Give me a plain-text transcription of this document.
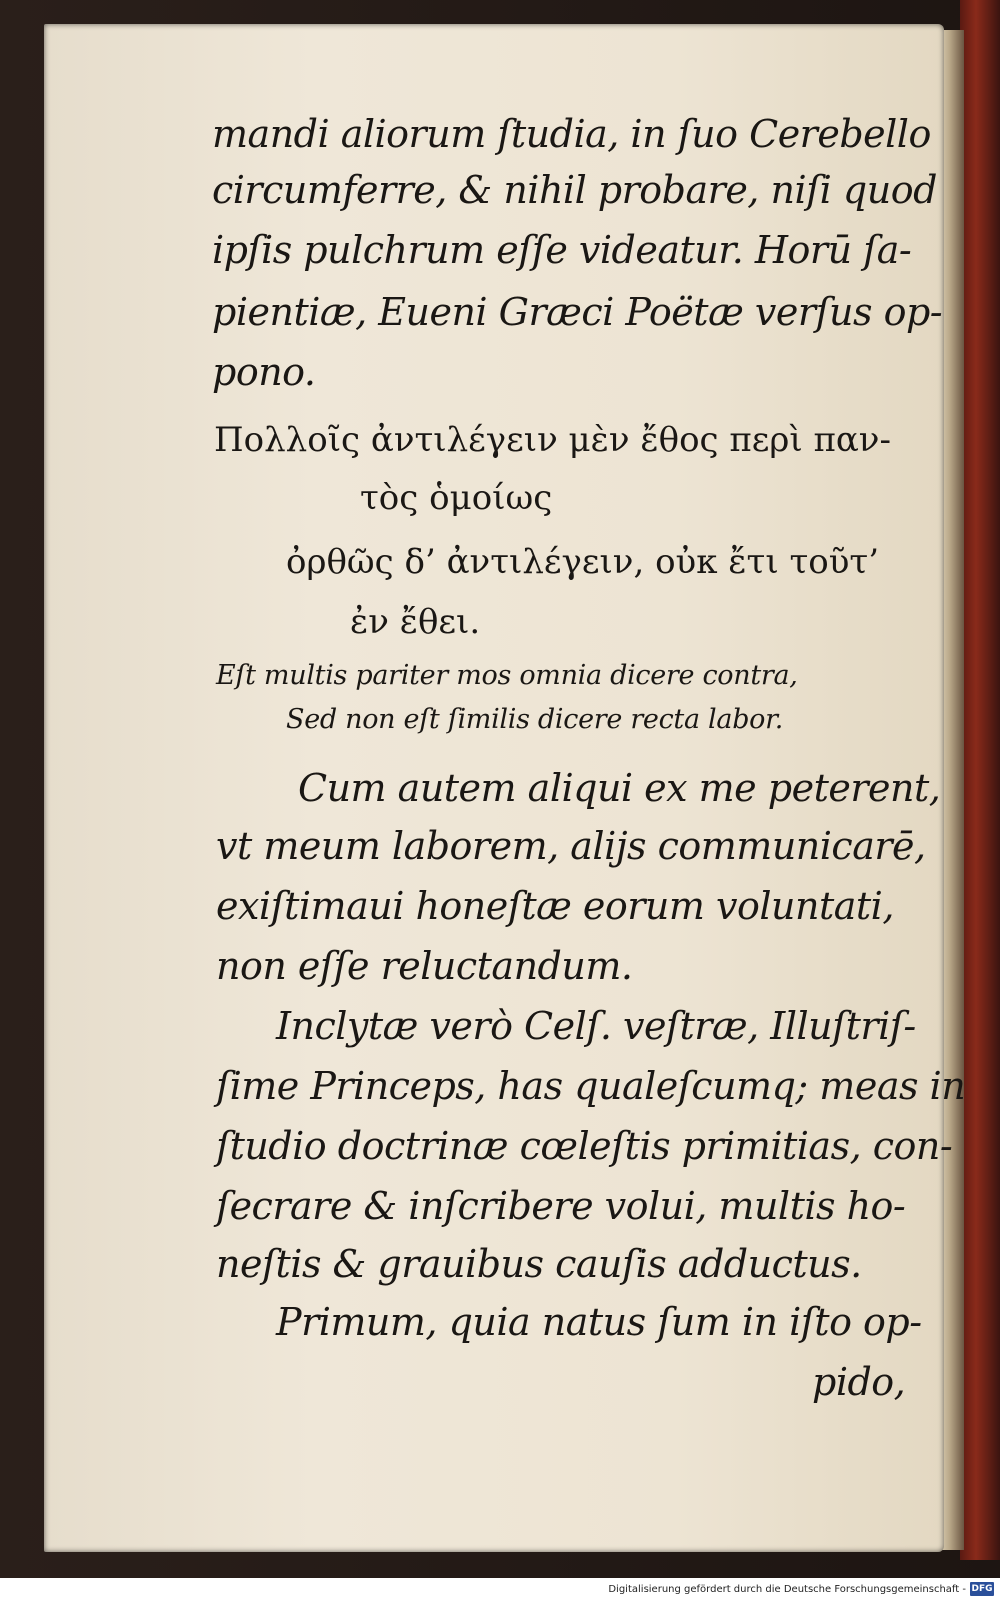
mandi aliorum ſtudia, in ſuo Cerebello
circumferre, & nihil probare, niſi quod
ipſis pulchrum eſſe videatur. Horū ſa-
pientiæ, Eueni Græci Poëtæ verſus op-
pono.
Πολλοῖς ἀντιλέγειν μὲν ἔθος περὶ παν-
τὸς ὁμοίως
ὀρθῶς δ’ ἀντιλέγειν, οὐκ ἔτι τοῦτ’
ἐν ἔθει.
Eſt multis pariter mos omnia dicere contra,
Sed non eſt ſimilis dicere recta labor.
Cum autem aliqui ex me peterent,
vt meum laborem, alijs communicarē,
exiſtimaui honeſtæ eorum voluntati,
non eſſe reluctandum.
Inclytæ verò Celſ. veſtræ, Illuſtriſ-
ſime Princeps, has qualeſcumq; meas in
ſtudio doctrinæ cœleſtis primitias, con-
ſecrare & inſcribere volui, multis ho-
neſtis & grauibus cauſis adductus.
Primum, quia natus ſum in iſto op-
pido,
Digitalisierung gefördert durch die Deutsche Forschungsgemeinschaft - DFG
